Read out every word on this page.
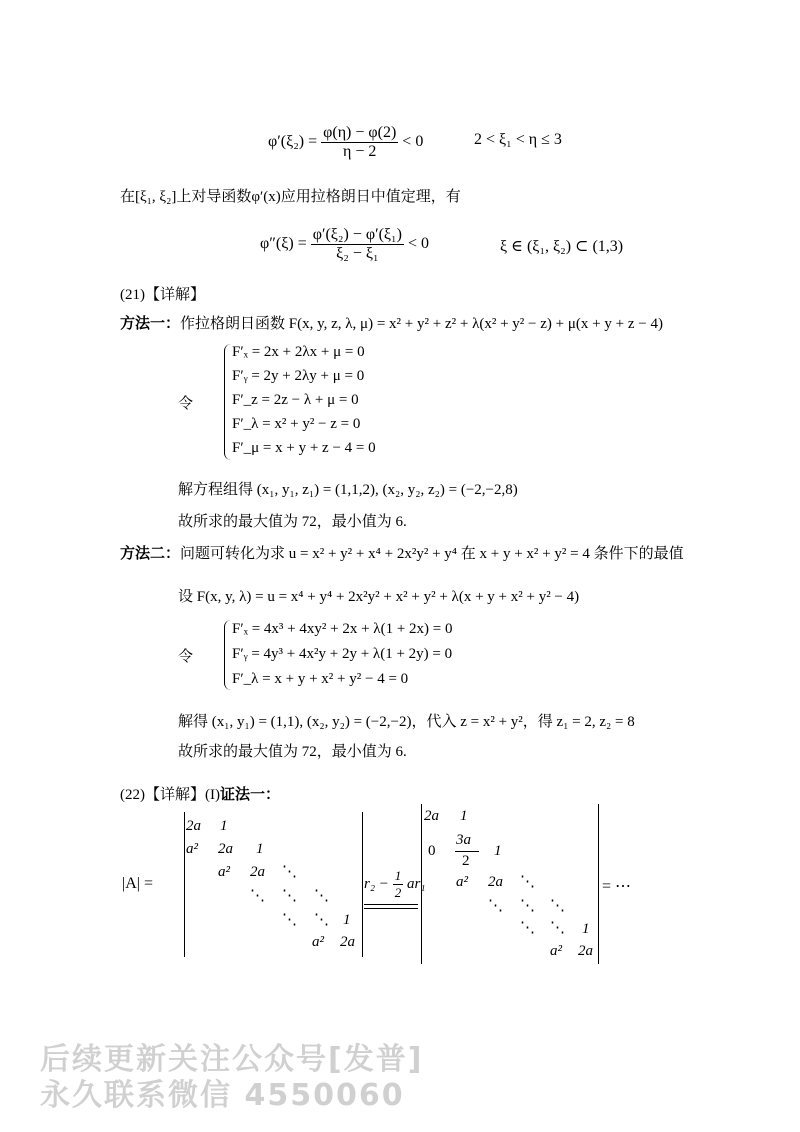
$\varphi'(\xi_2) = \frac{\varphi(\eta) - \varphi(2)}{\eta - 2} < 0$	2 < ξ₁ < η ≤ 3
在[ξ₁, ξ₂]上对导函数φ′(x)应用拉格朗日中值定理，有
$\varphi''(\xi) = \frac{\text{φ′(ξ₂) − φ′(ξ₁)}}{\text{ξ₂ − ξ₁}} < 0$	ξ ∈ (ξ₁, ξ₂) ⊂ (1,3)
(21)【详解】
方法一：作拉格朗日函数 F(x, y, z, λ, μ) = x² + y² + z² + λ(x² + y² − z) + μ(x + y + z − 4)
令
F′ₓ = 2x + 2λx + μ = 0
F′ᵧ = 2y + 2λy + μ = 0
F′_z = 2z − λ + μ = 0
F′_λ = x² + y² − z = 0
F′_μ = x + y + z − 4 = 0
解方程组得 (x₁, y₁, z₁) = (1,1,2), (x₂, y₂, z₂) = (−2,−2,8)
故所求的最大值为 72，最小值为 6.
方法二：问题可转化为求 u = x² + y² + x⁴ + 2x²y² + y⁴ 在 x + y + x² + y² = 4 条件下的最值
设 F(x, y, λ) = u = x⁴ + y⁴ + 2x²y² + x² + y² + λ(x + y + x² + y² − 4)
令
F′ₓ = 4x³ + 4xy² + 2x + λ(1 + 2x) = 0
F′ᵧ = 4y³ + 4x²y + 2y + λ(1 + 2y) = 0
F′_λ = x + y + x² + y² − 4 = 0
解得 (x₁, y₁) = (1,1), (x₂, y₂) = (−2,−2)，代入 z = x² + y²，得 z₁ = 2, z₂ = 8
故所求的最大值为 72，最小值为 6.
(22)【详解】(I)证法一：
|A| =
2a 1
a² 2a 1
a² 2a ⋱
⋱ ⋱ ⋱
⋱ ⋱ 1
a² 2a
$r_2 - \frac{1}{2} ar_1$
2a 1
0
3a
2
1
a² 2a ⋱
⋱ ⋱ ⋱
⋱ ⋱ 1
a² 2a
= ⋯
后续更新关注公众号[发普]
永久联系微信 4550060
